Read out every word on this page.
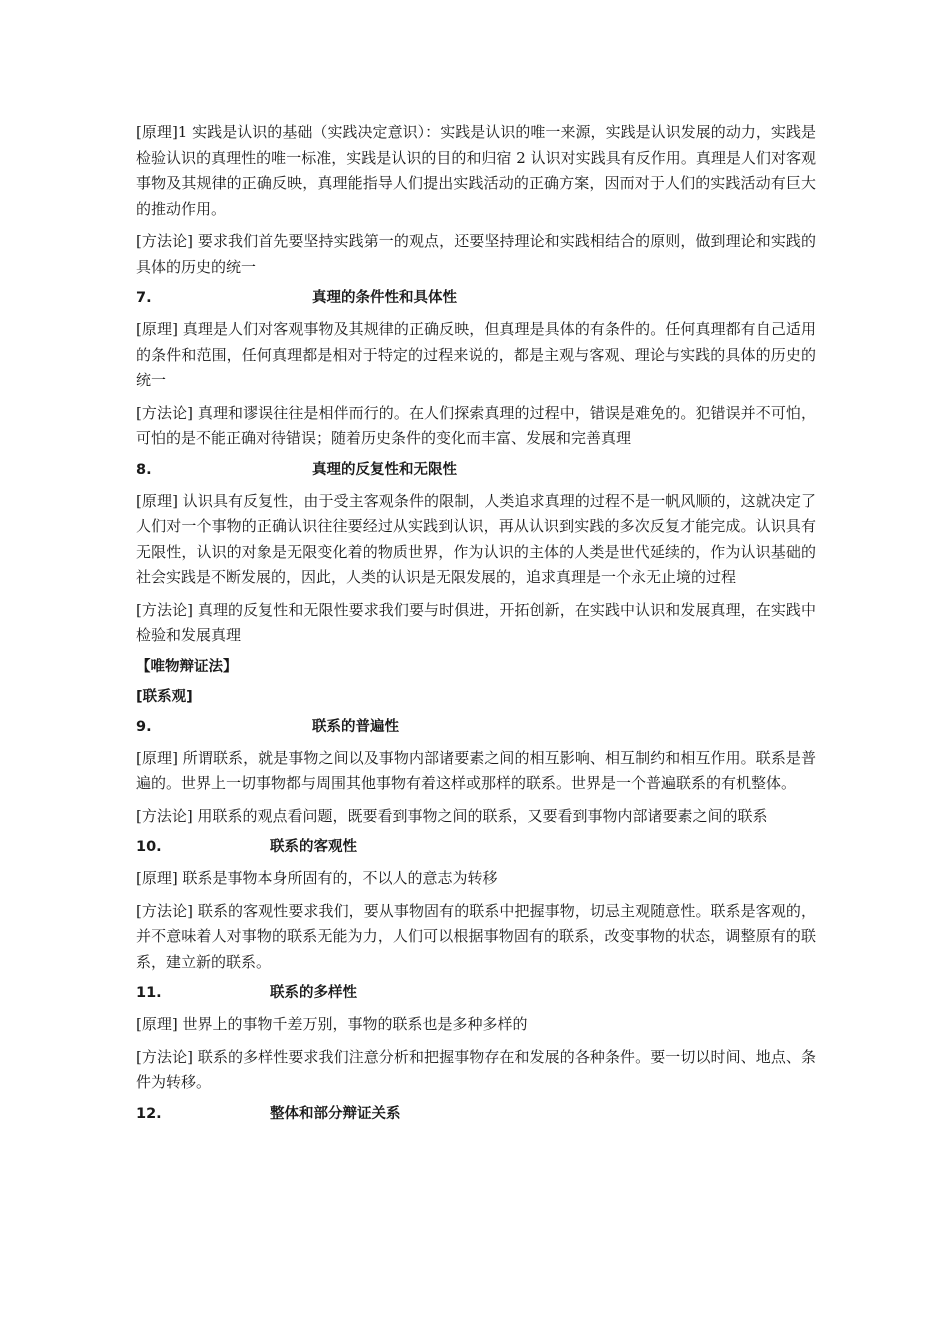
[原理]1 实践是认识的基础（实践决定意识）：实践是认识的唯一来源，实践是认识发展的动力，实践是检验认识的真理性的唯一标准，实践是认识的目的和归宿 2 认识对实践具有反作用。真理是人们对客观事物及其规律的正确反映，真理能指导人们提出实践活动的正确方案，因而对于人们的实践活动有巨大的推动作用。

[方法论] 要求我们首先要坚持实践第一的观点，还要坚持理论和实践相结合的原则，做到理论和实践的具体的历史的统一

7.	真理的条件性和具体性

[原理] 真理是人们对客观事物及其规律的正确反映，但真理是具体的有条件的。任何真理都有自己适用的条件和范围，任何真理都是相对于特定的过程来说的，都是主观与客观、理论与实践的具体的历史的统一

[方法论] 真理和谬误往往是相伴而行的。在人们探索真理的过程中，错误是难免的。犯错误并不可怕，可怕的是不能正确对待错误；随着历史条件的变化而丰富、发展和完善真理

8.	真理的反复性和无限性

[原理] 认识具有反复性，由于受主客观条件的限制，人类追求真理的过程不是一帆风顺的，这就决定了人们对一个事物的正确认识往往要经过从实践到认识，再从认识到实践的多次反复才能完成。认识具有无限性，认识的对象是无限变化着的物质世界，作为认识的主体的人类是世代延续的，作为认识基础的社会实践是不断发展的，因此，人类的认识是无限发展的，追求真理是一个永无止境的过程

[方法论] 真理的反复性和无限性要求我们要与时俱进，开拓创新，在实践中认识和发展真理，在实践中检验和发展真理

【唯物辩证法】
[联系观]
9.	联系的普遍性

[原理] 所谓联系，就是事物之间以及事物内部诸要素之间的相互影响、相互制约和相互作用。联系是普遍的。世界上一切事物都与周围其他事物有着这样或那样的联系。世界是一个普遍联系的有机整体。

[方法论] 用联系的观点看问题，既要看到事物之间的联系，又要看到事物内部诸要素之间的联系

10.	联系的客观性

[原理] 联系是事物本身所固有的，不以人的意志为转移

[方法论] 联系的客观性要求我们，要从事物固有的联系中把握事物，切忌主观随意性。联系是客观的，并不意味着人对事物的联系无能为力，人们可以根据事物固有的联系，改变事物的状态，调整原有的联系，建立新的联系。

11.	联系的多样性

[原理] 世界上的事物千差万别，事物的联系也是多种多样的

[方法论] 联系的多样性要求我们注意分析和把握事物存在和发展的各种条件。要一切以时间、地点、条件为转移。

12.	整体和部分辩证关系
